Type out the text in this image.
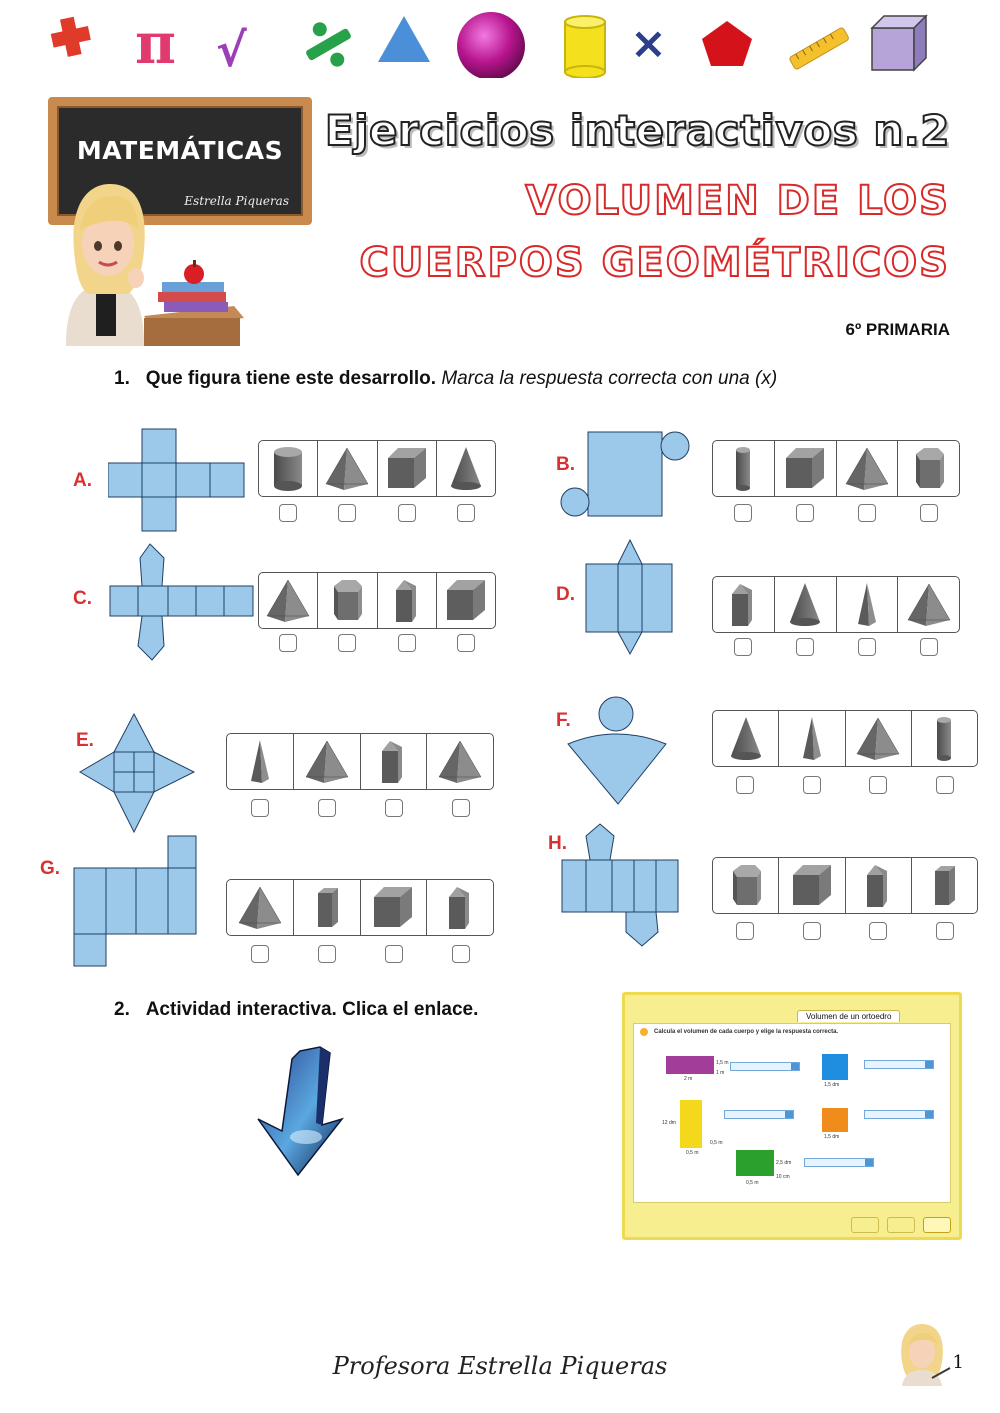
π √	×
MATEMÁTICAS
Estrella Piqueras
Ejercicios interactivos n.2
VOLUMEN DE LOS
CUERPOS GEOMÉTRICOS
6º PRIMARIA
1. Que figura tiene este desarrollo. Marca la respuesta correcta con una (x)
A.
B.
C.	D.
E.
F.
G.
H.
2. Actividad interactiva. Clica el enlace.	Volumen de un ortoedro
Calcula el volumen de cada cuerpo y elige la respuesta correcta.
1,5 m
2 m
1 m
1,5 dm
12 dm
0,5 m
0,5 m
1,5 dm
2,5 dm
0,5 m
10 cm
Profesora Estrella Piqueras	1
